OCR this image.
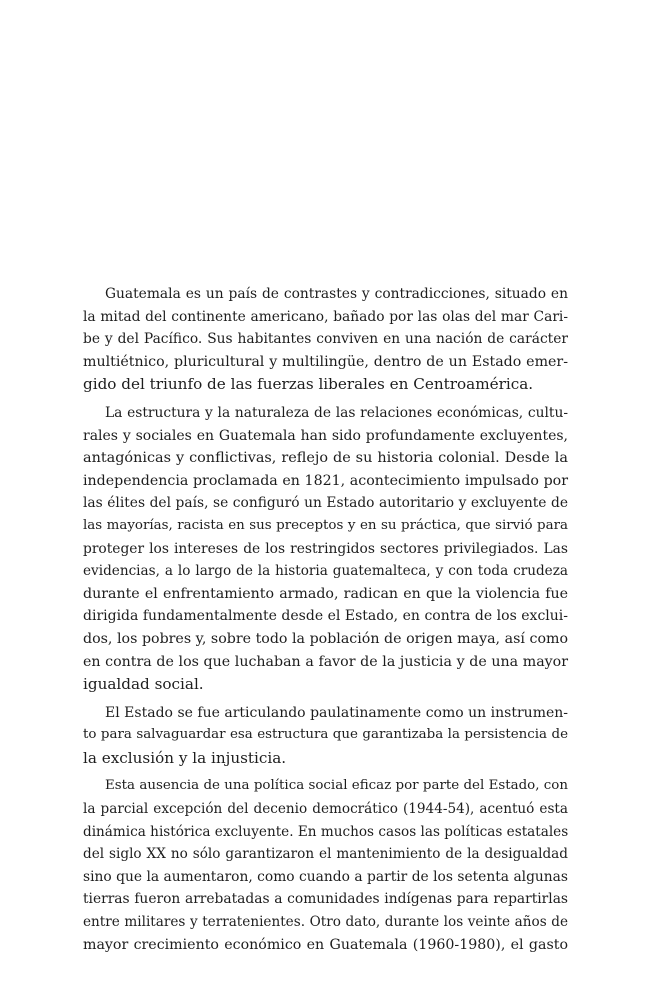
Guatemala es un país de contrastes y contradicciones, situado en
la mitad del continente americano, bañado por las olas del mar Cari-
be y del Pacífico. Sus habitantes conviven en una nación de carácter
multiétnico, pluricultural y multilingüe, dentro de un Estado emer-
gido del triunfo de las fuerzas liberales en Centroamérica.

La estructura y la naturaleza de las relaciones económicas, cultu-
rales y sociales en Guatemala han sido profundamente excluyentes,
antagónicas y conflictivas, reflejo de su historia colonial. Desde la
independencia proclamada en 1821, acontecimiento impulsado por
las élites del país, se configuró un Estado autoritario y excluyente de
las mayorías, racista en sus preceptos y en su práctica, que sirvió para
proteger los intereses de los restringidos sectores privilegiados. Las
evidencias, a lo largo de la historia guatemalteca, y con toda crudeza
durante el enfrentamiento armado, radican en que la violencia fue
dirigida fundamentalmente desde el Estado, en contra de los exclui-
dos, los pobres y, sobre todo la población de origen maya, así como
en contra de los que luchaban a favor de la justicia y de una mayor
igualdad social.

El Estado se fue articulando paulatinamente como un instrumen-
to para salvaguardar esa estructura que garantizaba la persistencia de
la exclusión y la injusticia.

Esta ausencia de una política social eficaz por parte del Estado, con
la parcial excepción del decenio democrático (1944-54), acentuó esta
dinámica histórica excluyente. En muchos casos las políticas estatales
del siglo XX no sólo garantizaron el mantenimiento de la desigualdad
sino que la aumentaron, como cuando a partir de los setenta algunas
tierras fueron arrebatadas a comunidades indígenas para repartirlas
entre militares y terratenientes. Otro dato, durante los veinte años de
mayor crecimiento económico en Guatemala (1960-1980), el gasto
